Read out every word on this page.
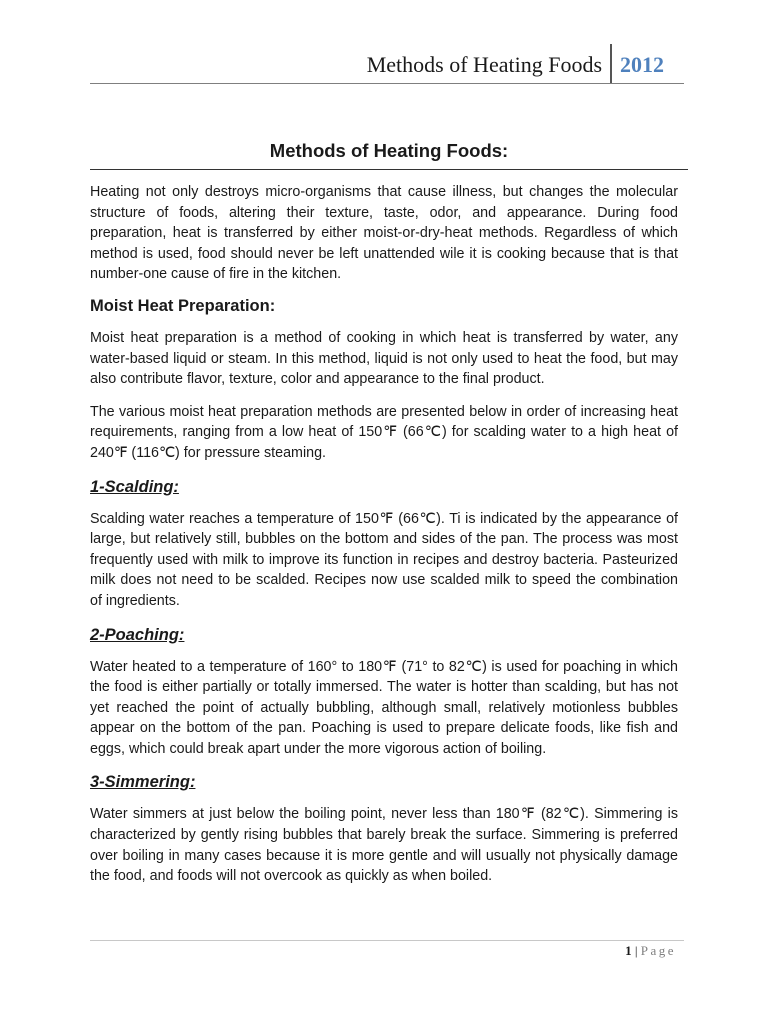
Methods of Heating Foods 2012
Methods of Heating Foods:

Heating not only destroys micro-organisms that cause illness, but changes the molecular structure of foods, altering their texture, taste, odor, and appearance. During food preparation, heat is transferred by either moist-or-dry-heat methods. Regardless of which method is used, food should never be left unattended wile it is cooking because that is that number-one cause of fire in the kitchen.

Moist Heat Preparation:

Moist heat preparation is a method of cooking in which heat is transferred by water, any water-based liquid or steam. In this method, liquid is not only used to heat the food, but may also contribute flavor, texture, color and appearance to the final product.

The various moist heat preparation methods are presented below in order of increasing heat requirements, ranging from a low heat of 150℉ (66℃) for scalding water to a high heat of 240℉ (116℃) for pressure steaming.

1-Scalding:

Scalding water reaches a temperature of 150℉ (66℃). Ti is indicated by the appearance of large, but relatively still, bubbles on the bottom and sides of the pan. The process was most frequently used with milk to improve its function in recipes and destroy bacteria. Pasteurized milk does not need to be scalded. Recipes now use scalded milk to speed the combination of ingredients.

2-Poaching:

Water heated to a temperature of 160° to 180℉ (71° to 82℃) is used for poaching in which the food is either partially or totally immersed. The water is hotter than scalding, but has not yet reached the point of actually bubbling, although small, relatively motionless bubbles appear on the bottom of the pan. Poaching is used to prepare delicate foods, like fish and eggs, which could break apart under the more vigorous action of boiling.

3-Simmering:

Water simmers at just below the boiling point, never less than 180℉ (82℃). Simmering is characterized by gently rising bubbles that barely break the surface. Simmering is preferred over boiling in many cases because it is more gentle and will usually not physically damage the food, and foods will not overcook as quickly as when boiled.

1 | Page
